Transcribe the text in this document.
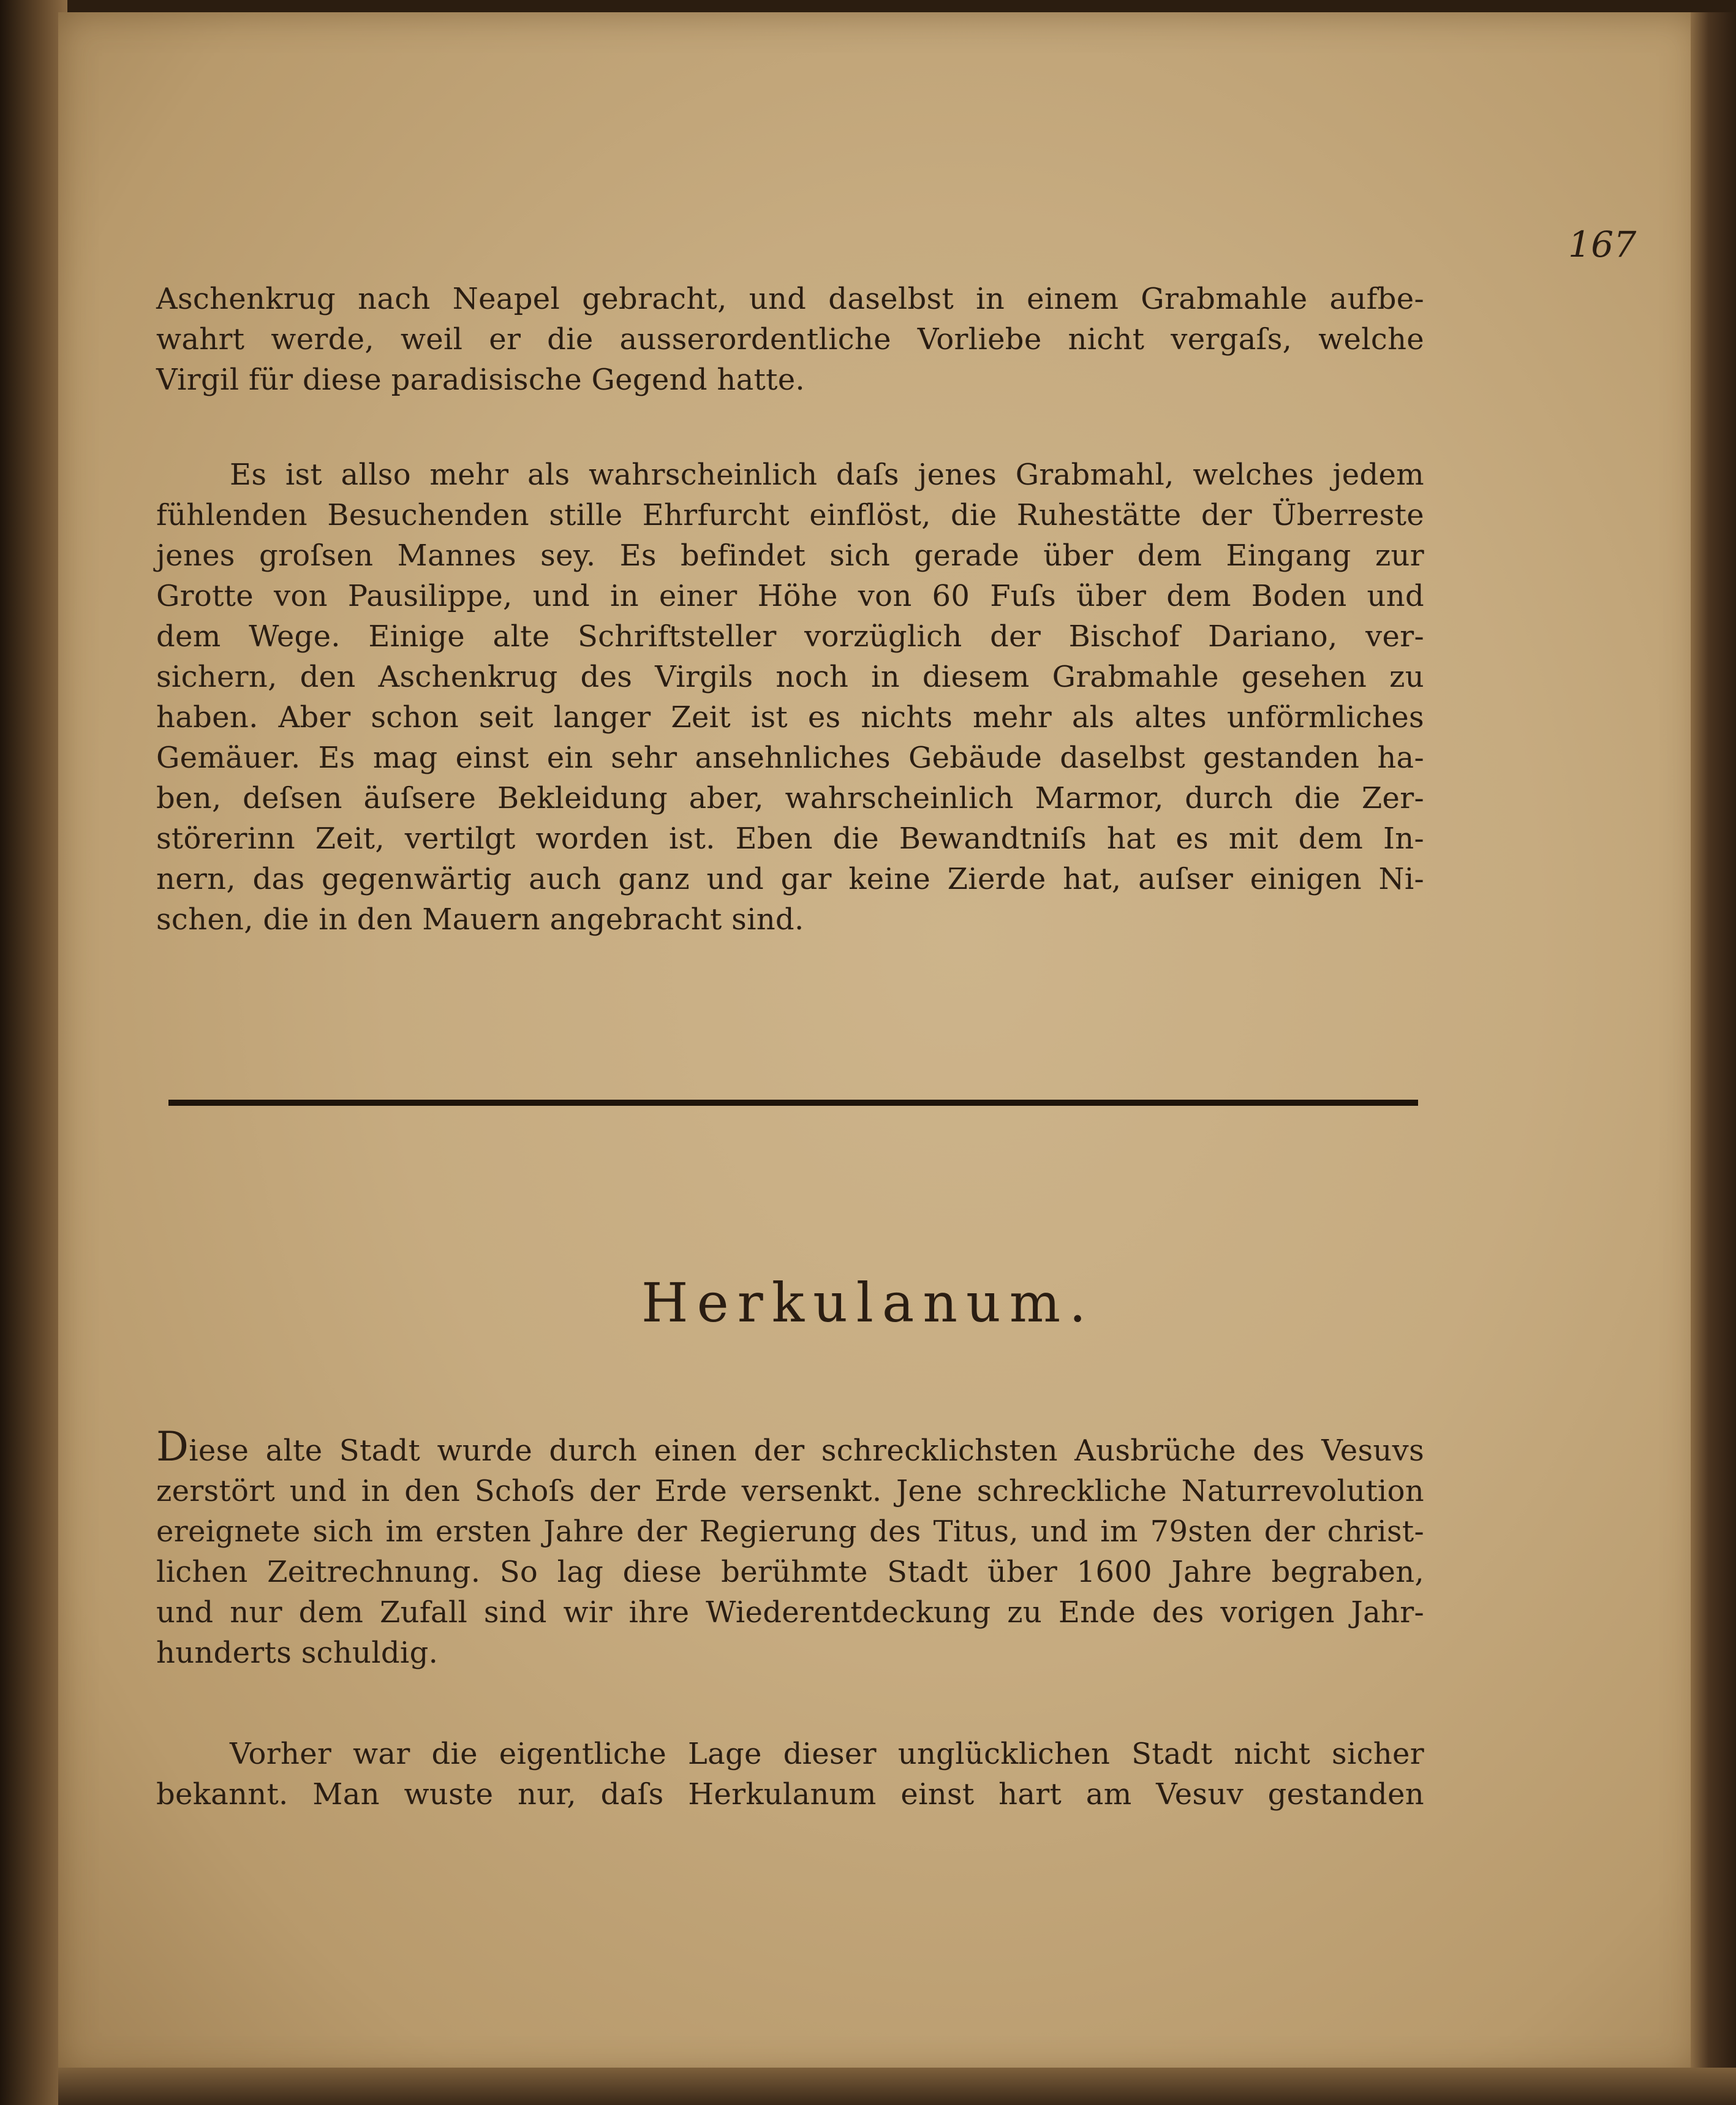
167
Aschenkrug nach Neapel gebracht, und daselbst in einem Grabmahle aufbe-
wahrt werde, weil er die ausserordentliche Vorliebe nicht vergaſs, welche
Virgil für diese paradisische Gegend hatte.
Es ist allso mehr als wahrscheinlich daſs jenes Grabmahl, welches jedem
fühlenden Besuchenden stille Ehrfurcht einflöst, die Ruhestätte der Überreste
jenes groſsen Mannes sey. Es befindet sich gerade über dem Eingang zur
Grotte von Pausilippe, und in einer Höhe von 60 Fuſs über dem Boden und
dem Wege. Einige alte Schriftsteller vorzüglich der Bischof Dariano, ver-
sichern, den Aschenkrug des Virgils noch in diesem Grabmahle gesehen zu
haben. Aber schon seit langer Zeit ist es nichts mehr als altes unförmliches
Gemäuer. Es mag einst ein sehr ansehnliches Gebäude daselbst gestanden ha-
ben, deſsen äuſsere Bekleidung aber, wahrscheinlich Marmor, durch die Zer-
störerinn Zeit, vertilgt worden ist. Eben die Bewandtniſs hat es mit dem In-
nern, das gegenwärtig auch ganz und gar keine Zierde hat, auſser einigen Ni-
schen, die in den Mauern angebracht sind.
Herkulanum.
Diese alte Stadt wurde durch einen der schrecklichsten Ausbrüche des Vesuvs
zerstört und in den Schoſs der Erde versenkt. Jene schreckliche Naturrevolution
ereignete sich im ersten Jahre der Regierung des Titus, und im 79sten der christ-
lichen Zeitrechnung. So lag diese berühmte Stadt über 1600 Jahre begraben,
und nur dem Zufall sind wir ihre Wiederentdeckung zu Ende des vorigen Jahr-
hunderts schuldig.
Vorher war die eigentliche Lage dieser unglücklichen Stadt nicht sicher
bekannt. Man wuste nur, daſs Herkulanum einst hart am Vesuv gestanden
